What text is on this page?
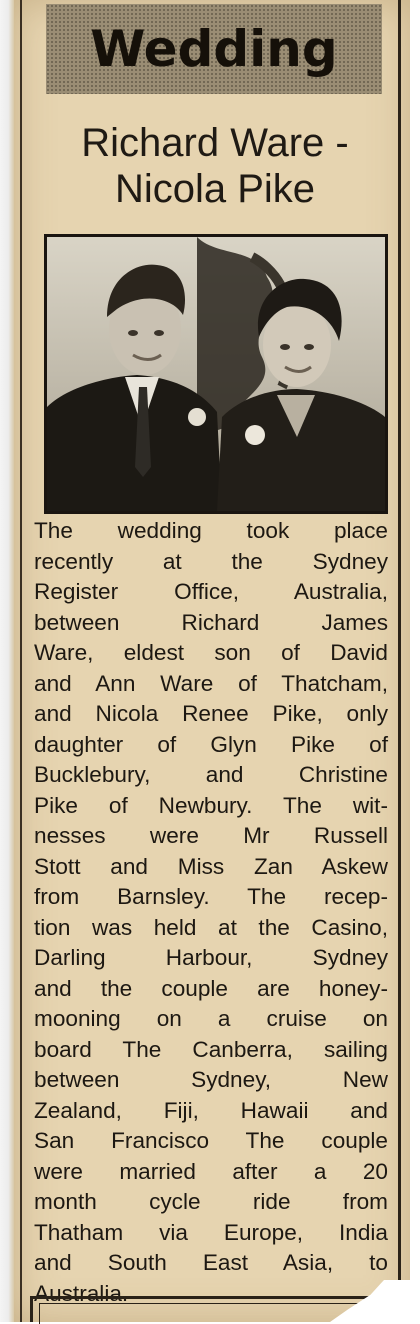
Wedding
Richard Ware -
Nicola Pike
The wedding took place
recently at the Sydney
Register Office, Australia,
between Richard James
Ware, eldest son of David
and Ann Ware of Thatcham,
and Nicola Renee Pike, only
daughter of Glyn Pike of
Bucklebury, and Christine
Pike of Newbury. The wit-
nesses were Mr Russell
Stott and Miss Zan Askew
from Barnsley. The recep-
tion was held at the Casino,
Darling Harbour, Sydney
and the couple are honey-
mooning on a cruise on
board The Canberra, sailing
between Sydney, New
Zealand, Fiji, Hawaii and
San Francisco The couple
were married after a 20
month cycle ride from
Thatham via Europe, India
and South East Asia, to
Australia.
